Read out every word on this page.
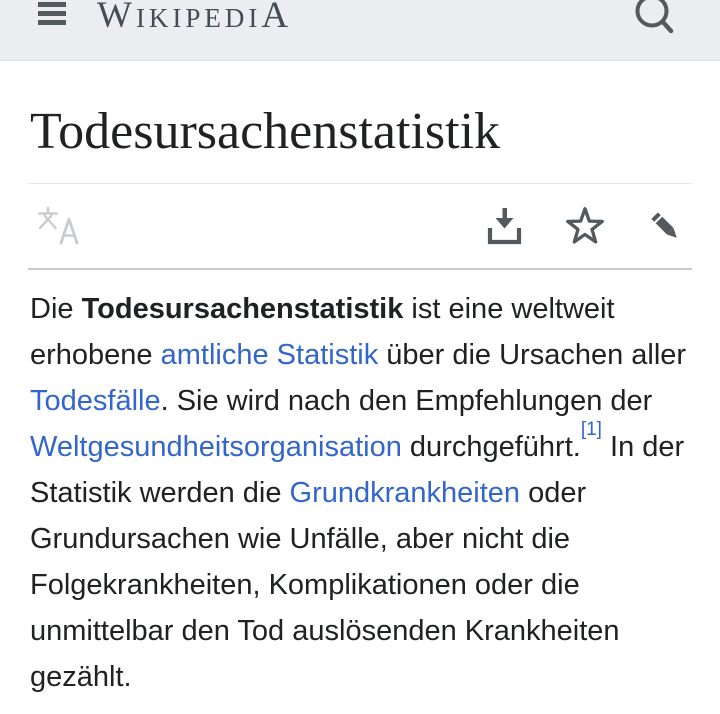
WIKIPEDIA
Todesursachenstatistik
Die Todesursachenstatistik ist eine weltweit
erhobene amtliche Statistik über die Ursachen aller
Todesfälle. Sie wird nach den Empfehlungen der
Weltgesundheitsorganisation durchgeführt.[1] In der
Statistik werden die Grundkrankheiten oder
Grundursachen wie Unfälle, aber nicht die
Folgekrankheiten, Komplikationen oder die
unmittelbar den Tod auslösenden Krankheiten
gezählt.
